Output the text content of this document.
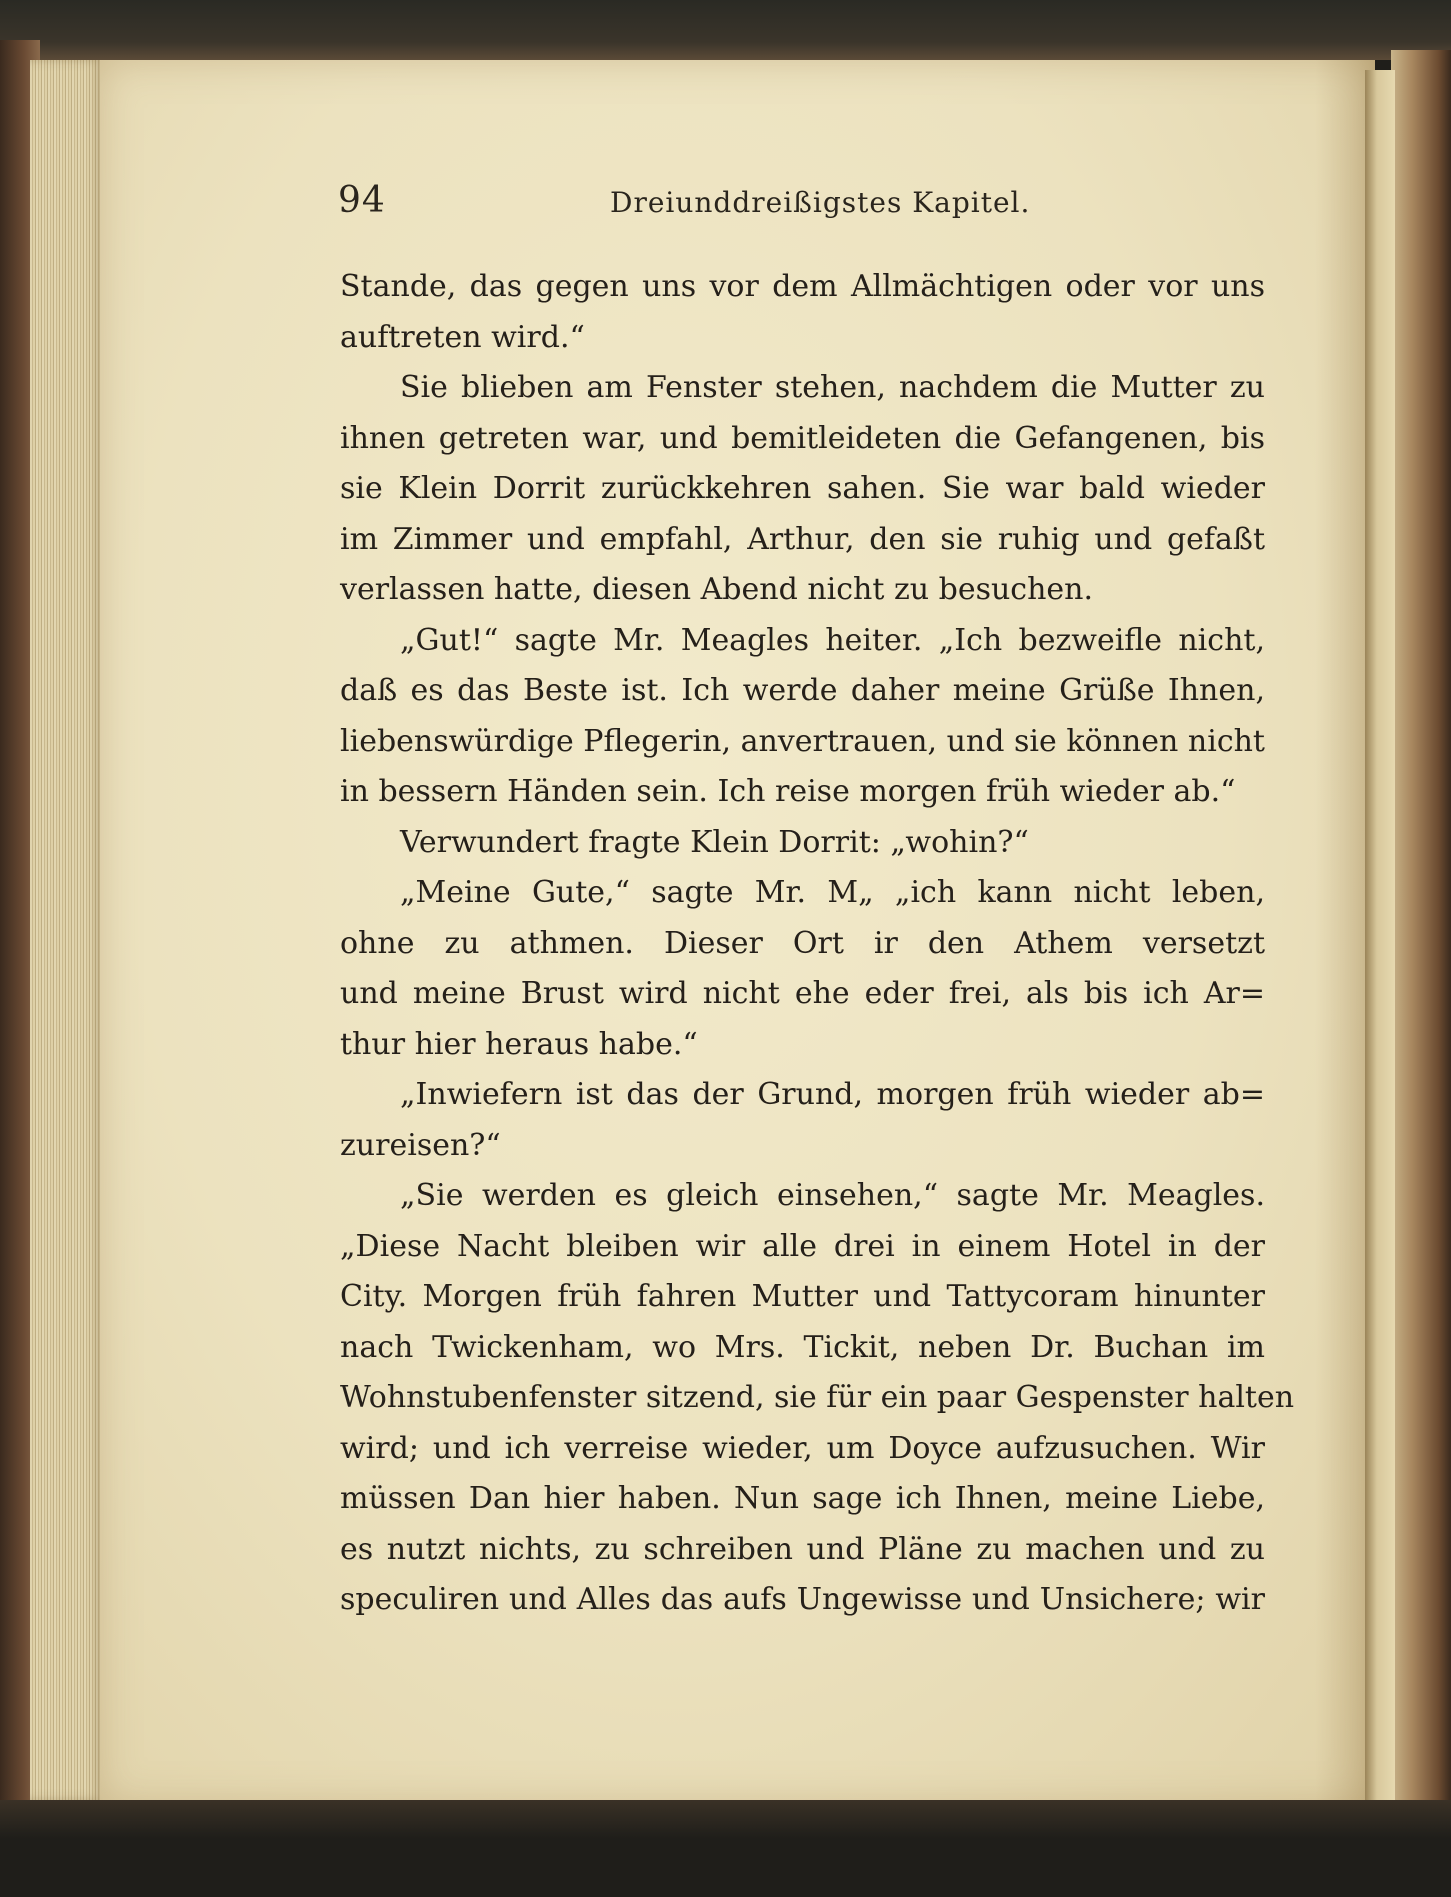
94	Dreiunddreißigstes Kapitel.
Stande, das gegen uns vor dem Allmächtigen oder vor uns
auftreten wird.“
Sie blieben am Fenster stehen, nachdem die Mutter zu
ihnen getreten war, und bemitleideten die Gefangenen, bis
sie Klein Dorrit zurückkehren sahen. Sie war bald wieder
im Zimmer und empfahl, Arthur, den sie ruhig und gefaßt
verlassen hatte, diesen Abend nicht zu besuchen.
„Gut!“ sagte Mr. Meagles heiter. „Ich bezweifle nicht,
daß es das Beste ist. Ich werde daher meine Grüße Ihnen,
liebenswürdige Pflegerin, anvertrauen, und sie können nicht
in bessern Händen sein. Ich reise morgen früh wieder ab.“
Verwundert fragte Klein Dorrit: „wohin?“
„Meine Gute,“ sagte Mr. M„ „ich kann nicht leben,
ohne zu athmen. Dieser Ort ir den Athem versetzt
und meine Brust wird nicht ehe eder frei, als bis ich Ar=
thur hier heraus habe.“
„Inwiefern ist das der Grund, morgen früh wieder ab=
zureisen?“
„Sie werden es gleich einsehen,“ sagte Mr. Meagles.
„Diese Nacht bleiben wir alle drei in einem Hotel in der
City. Morgen früh fahren Mutter und Tattycoram hinunter
nach Twickenham, wo Mrs. Tickit, neben Dr. Buchan im
Wohnstubenfenster sitzend, sie für ein paar Gespenster halten
wird; und ich verreise wieder, um Doyce aufzusuchen. Wir
müssen Dan hier haben. Nun sage ich Ihnen, meine Liebe,
es nutzt nichts, zu schreiben und Pläne zu machen und zu
speculiren und Alles das aufs Ungewisse und Unsichere; wir
